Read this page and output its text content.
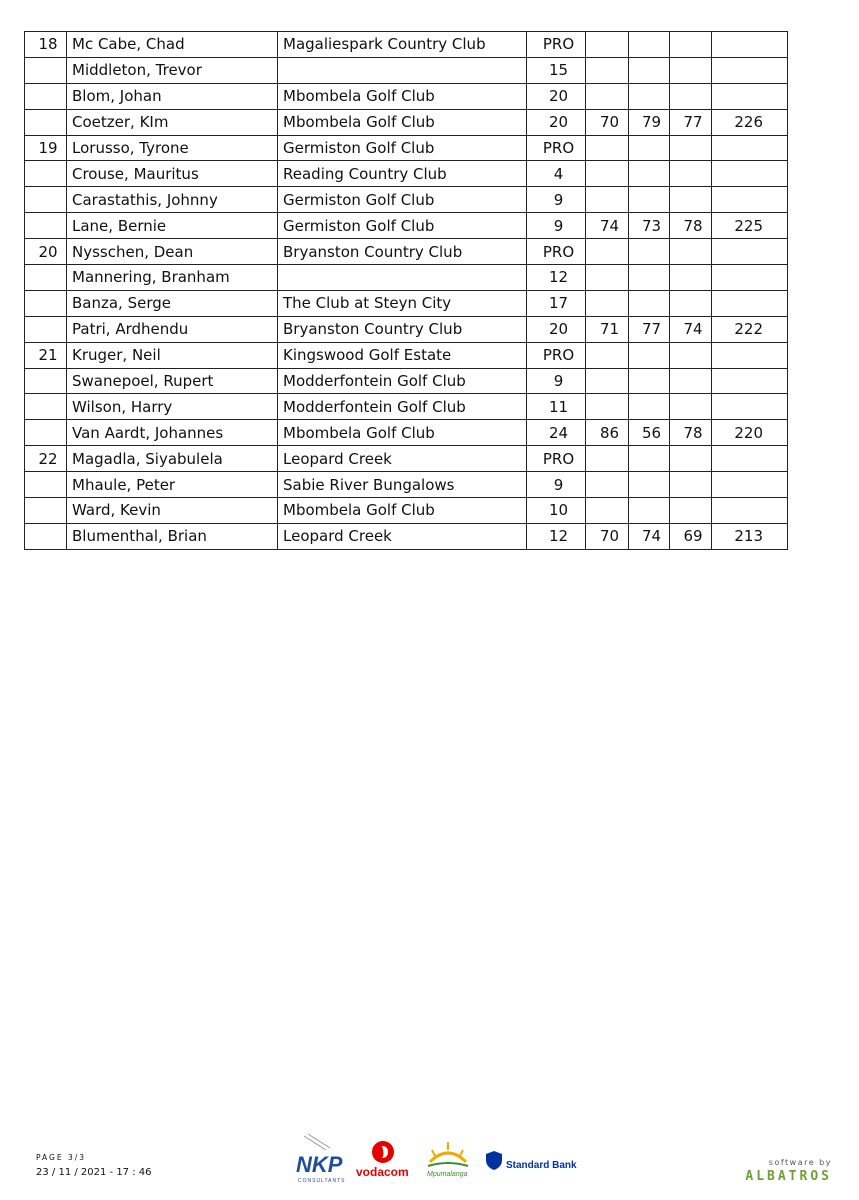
18	Mc Cabe, Chad	Magaliespark Country Club	PRO				
	Middleton, Trevor		15				
	Blom, Johan	Mbombela Golf Club	20				
	Coetzer, KIm	Mbombela Golf Club	20	70	79	77	226
19	Lorusso, Tyrone	Germiston Golf Club	PRO				
	Crouse, Mauritus	Reading Country Club	4				
	Carastathis, Johnny	Germiston Golf Club	9				
	Lane, Bernie	Germiston Golf Club	9	74	73	78	225
20	Nysschen, Dean	Bryanston Country Club	PRO				
	Mannering, Branham		12				
	Banza, Serge	The Club at Steyn City	17				
	Patri, Ardhendu	Bryanston Country Club	20	71	77	74	222
21	Kruger, Neil	Kingswood Golf Estate	PRO				
	Swanepoel, Rupert	Modderfontein Golf Club	9				
	Wilson, Harry	Modderfontein Golf Club	11				
	Van Aardt, Johannes	Mbombela Golf Club	24	86	56	78	220
22	Magadla, Siyabulela	Leopard Creek	PRO				
	Mhaule, Peter	Sabie River Bungalows	9				
	Ward, Kevin	Mbombela Golf Club	10				
	Blumenthal, Brian	Leopard Creek	12	70	74	69	213
PAGE 3/3
23 / 11 / 2021 - 17 : 46	NKP
CONSULTANTS
vodacom	Mpumalanga
Standard Bank	software by
ALBATROS
